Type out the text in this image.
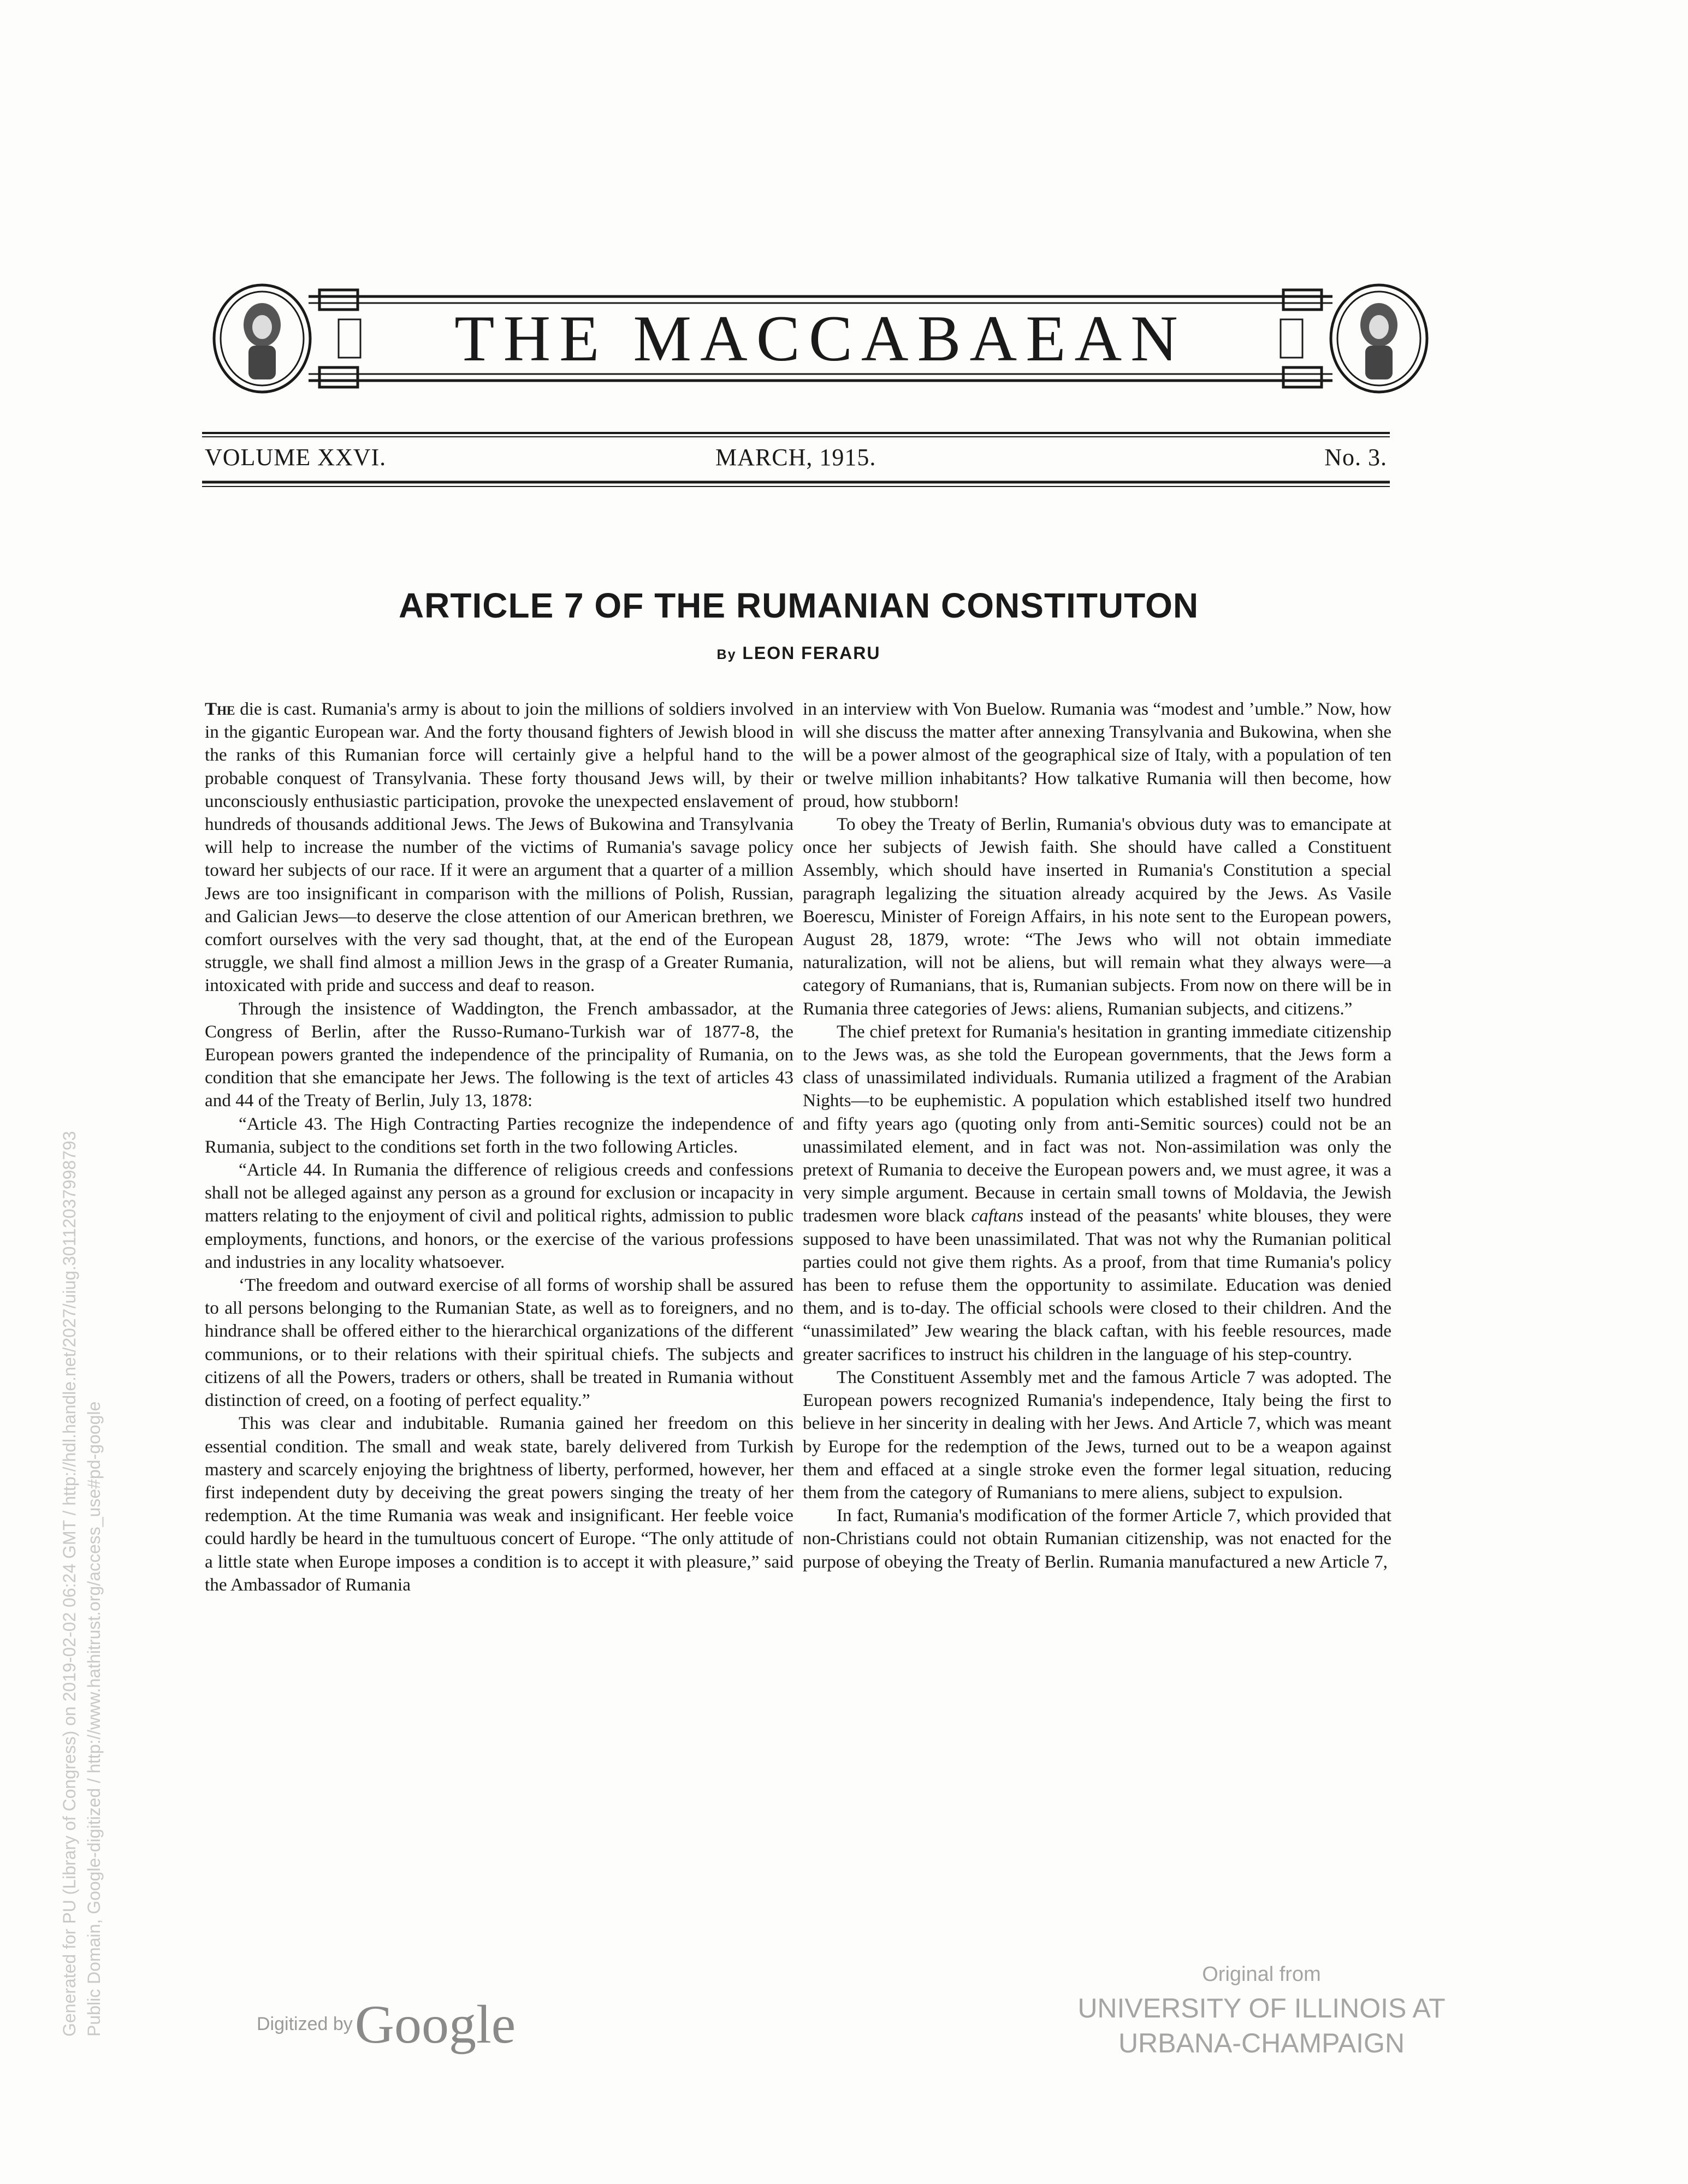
THE MACCABAEAN
VOLUME XXVI.	MARCH, 1915.	No. 3.
ARTICLE 7 OF THE RUMANIAN CONSTITUTON
By LEON FERARU

The die is cast. Rumania's army is about to join the millions of soldiers involved in the gigantic European war. And the forty thousand fighters of Jewish blood in the ranks of this Rumanian force will certainly give a helpful hand to the probable conquest of Transylvania. These forty thousand Jews will, by their unconsciously enthusiastic participation, provoke the unexpected enslavement of hundreds of thousands additional Jews. The Jews of Bukowina and Transylvania will help to increase the number of the victims of Rumania's savage policy toward her subjects of our race. If it were an argument that a quarter of a million Jews are too insignificant in comparison with the millions of Polish, Russian, and Galician Jews—to deserve the close attention of our American brethren, we comfort ourselves with the very sad thought, that, at the end of the European struggle, we shall find almost a million Jews in the grasp of a Greater Rumania, intoxicated with pride and success and deaf to reason.

Through the insistence of Waddington, the French ambassador, at the Congress of Berlin, after the Russo-Rumano-Turkish war of 1877-8, the European powers granted the independence of the principality of Rumania, on condition that she emancipate her Jews. The following is the text of articles 43 and 44 of the Treaty of Berlin, July 13, 1878:

“Article 43. The High Contracting Parties recognize the independence of Rumania, subject to the conditions set forth in the two following Articles.

“Article 44. In Rumania the difference of religious creeds and confessions shall not be alleged against any person as a ground for exclusion or incapacity in matters relating to the enjoyment of civil and political rights, admission to public employments, functions, and honors, or the exercise of the various professions and industries in any locality whatsoever.

‘The freedom and outward exercise of all forms of worship shall be assured to all persons belonging to the Rumanian State, as well as to foreigners, and no hindrance shall be offered either to the hierarchical organizations of the different communions, or to their relations with their spiritual chiefs. The subjects and citizens of all the Powers, traders or others, shall be treated in Rumania without distinction of creed, on a footing of perfect equality.”

This was clear and indubitable. Rumania gained her freedom on this essential condition. The small and weak state, barely delivered from Turkish mastery and scarcely enjoying the brightness of liberty, performed, however, her first independent duty by deceiving the great powers singing the treaty of her redemption. At the time Rumania was weak and insignificant. Her feeble voice could hardly be heard in the tumultuous concert of Europe. “The only attitude of a little state when Europe imposes a condition is to accept it with pleasure,” said the Ambassador of Rumania

in an interview with Von Buelow. Rumania was “modest and ’umble.” Now, how will she discuss the matter after annexing Transylvania and Bukowina, when she will be a power almost of the geographical size of Italy, with a population of ten or twelve million inhabitants? How talkative Rumania will then become, how proud, how stubborn!

To obey the Treaty of Berlin, Rumania's obvious duty was to emancipate at once her subjects of Jewish faith. She should have called a Constituent Assembly, which should have inserted in Rumania's Constitution a special paragraph legalizing the situation already acquired by the Jews. As Vasile Boerescu, Minister of Foreign Affairs, in his note sent to the European powers, August 28, 1879, wrote: “The Jews who will not obtain immediate naturalization, will not be aliens, but will remain what they always were—a category of Rumanians, that is, Rumanian subjects. From now on there will be in Rumania three categories of Jews: aliens, Rumanian subjects, and citizens.”

The chief pretext for Rumania's hesitation in granting immediate citizenship to the Jews was, as she told the European governments, that the Jews form a class of unassimilated individuals. Rumania utilized a fragment of the Arabian Nights—to be euphemistic. A population which established itself two hundred and fifty years ago (quoting only from anti-Semitic sources) could not be an unassimilated element, and in fact was not. Non-assimilation was only the pretext of Rumania to deceive the European powers and, we must agree, it was a very simple argument. Because in certain small towns of Moldavia, the Jewish tradesmen wore black caftans instead of the peasants' white blouses, they were supposed to have been unassimilated. That was not why the Rumanian political parties could not give them rights. As a proof, from that time Rumania's policy has been to refuse them the opportunity to assimilate. Education was denied them, and is to-day. The official schools were closed to their children. And the “unassimilated” Jew wearing the black caftan, with his feeble resources, made greater sacrifices to instruct his children in the language of his step-country.

The Constituent Assembly met and the famous Article 7 was adopted. The European powers recognized Rumania's independence, Italy being the first to believe in her sincerity in dealing with her Jews. And Article 7, which was meant by Europe for the redemption of the Jews, turned out to be a weapon against them and effaced at a single stroke even the former legal situation, reducing them from the category of Rumanians to mere aliens, subject to expulsion.

In fact, Rumania's modification of the former Article 7, which provided that non-Christians could not obtain Rumanian citizenship, was not enacted for the purpose of obeying the Treaty of Berlin. Rumania manufactured a new Article 7,

Generated for PU (Library of Congress) on 2019-02-02 06:24 GMT / http://hdl.handle.net/2027/uiug.30112037998793 Public Domain, Google-digitized / http://www.hathitrust.org/access_use#pd-google	Digitized by Google
Original from
UNIVERSITY OF ILLINOIS AT
URBANA-CHAMPAIGN
